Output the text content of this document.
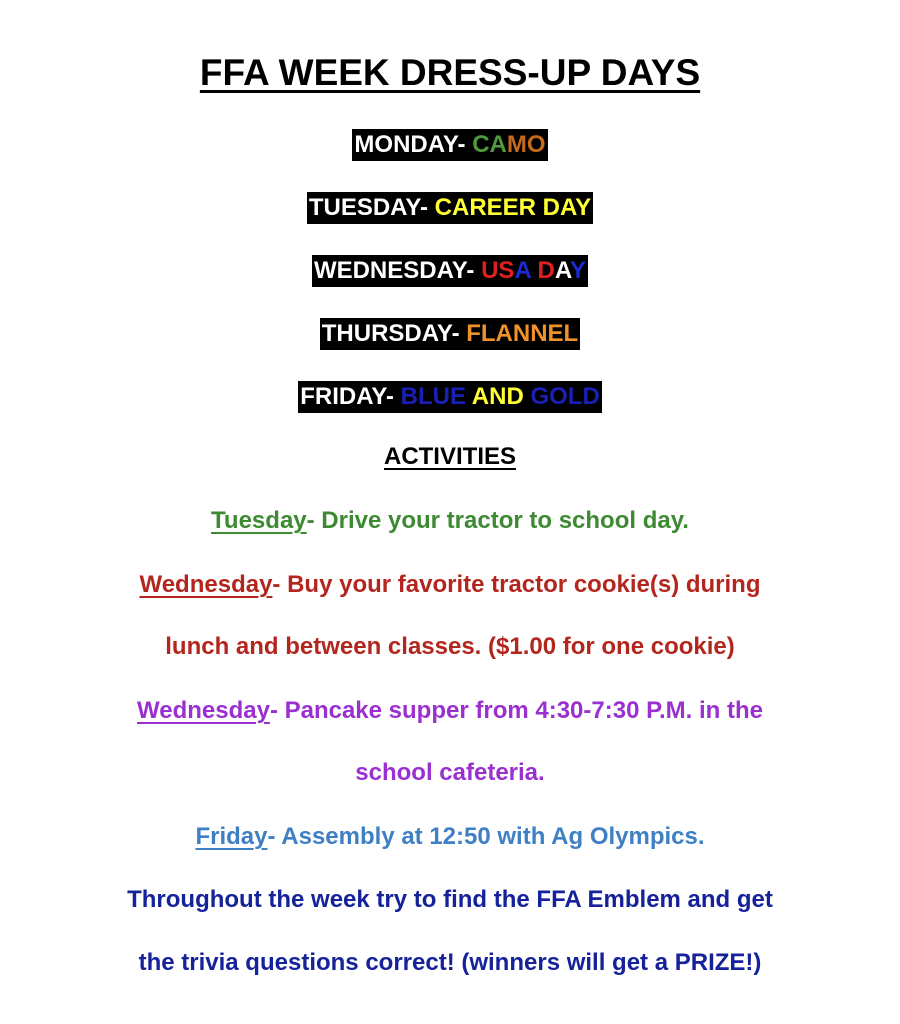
FFA WEEK DRESS-UP DAYS
MONDAY- CAMO
TUESDAY- CAREER DAY
WEDNESDAY- USA DAY
THURSDAY- FLANNEL
FRIDAY- BLUE AND GOLD
ACTIVITIES
Tuesday- Drive your tractor to school day.
Wednesday- Buy your favorite tractor cookie(s) during
lunch and between classes. ($1.00 for one cookie)
Wednesday- Pancake supper from 4:30-7:30 P.M. in the
school cafeteria.
Friday- Assembly at 12:50 with Ag Olympics.
Throughout the week try to find the FFA Emblem and get
the trivia questions correct! (winners will get a PRIZE!)
